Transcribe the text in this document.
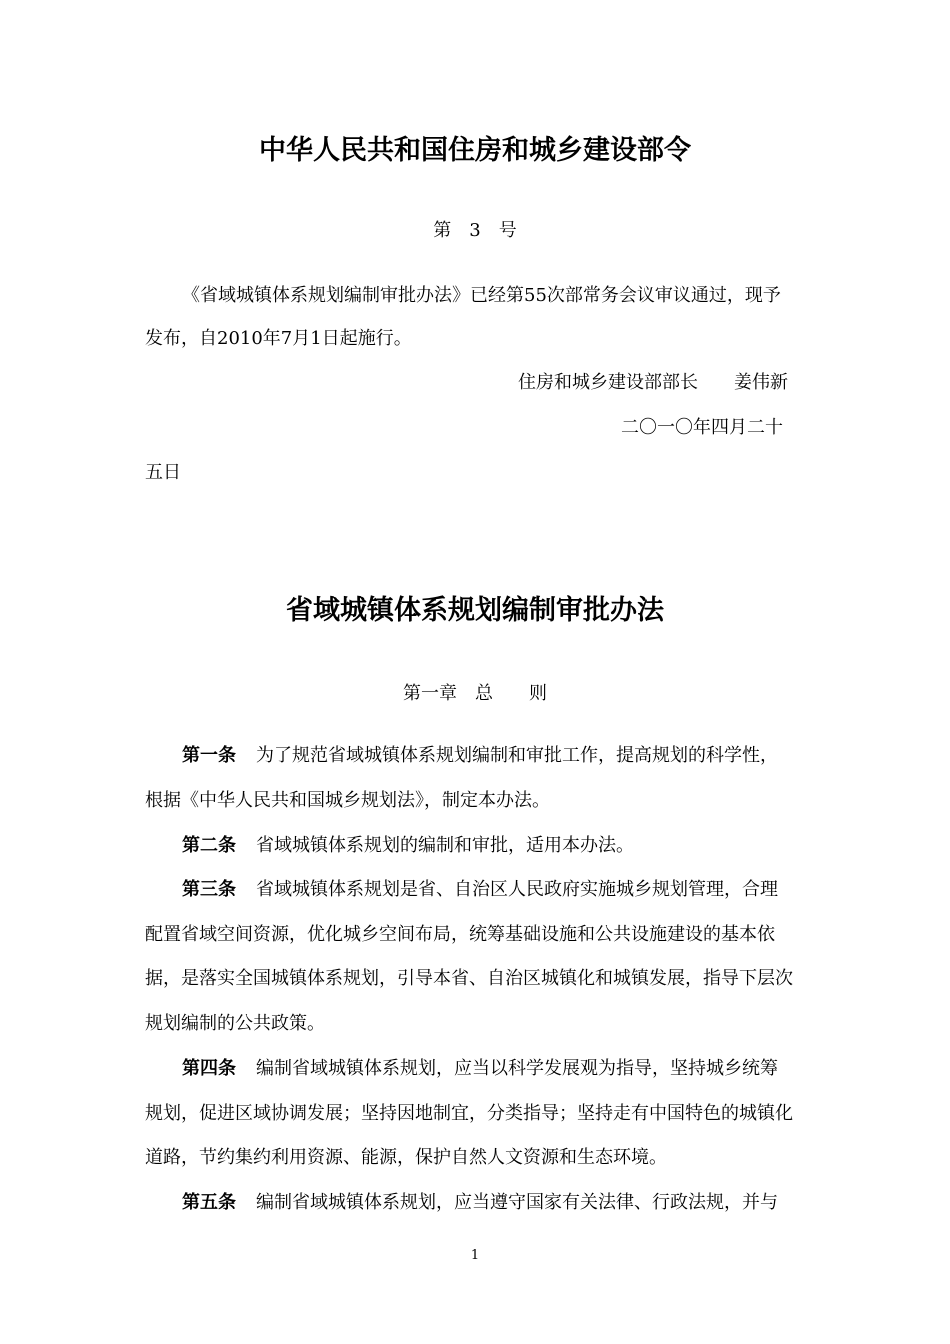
中华人民共和国住房和城乡建设部令
第　3　号
《省域城镇体系规划编制审批办法》已经第55次部常务会议审议通过，现予
发布，自2010年7月1日起施行。
住房和城乡建设部部长　　姜伟新
二〇一〇年四月二十
五日
省域城镇体系规划编制审批办法
第一章　总　　则
第一条 为了规范省域城镇体系规划编制和审批工作，提高规划的科学性，
根据《中华人民共和国城乡规划法》，制定本办法。
第二条 省域城镇体系规划的编制和审批，适用本办法。
第三条 省域城镇体系规划是省、自治区人民政府实施城乡规划管理，合理
配置省域空间资源，优化城乡空间布局，统筹基础设施和公共设施建设的基本依
据，是落实全国城镇体系规划，引导本省、自治区城镇化和城镇发展，指导下层次
规划编制的公共政策。
第四条 编制省域城镇体系规划，应当以科学发展观为指导，坚持城乡统筹
规划，促进区域协调发展；坚持因地制宜，分类指导；坚持走有中国特色的城镇化
道路，节约集约利用资源、能源，保护自然人文资源和生态环境。
第五条 编制省域城镇体系规划，应当遵守国家有关法律、行政法规，并与
1
